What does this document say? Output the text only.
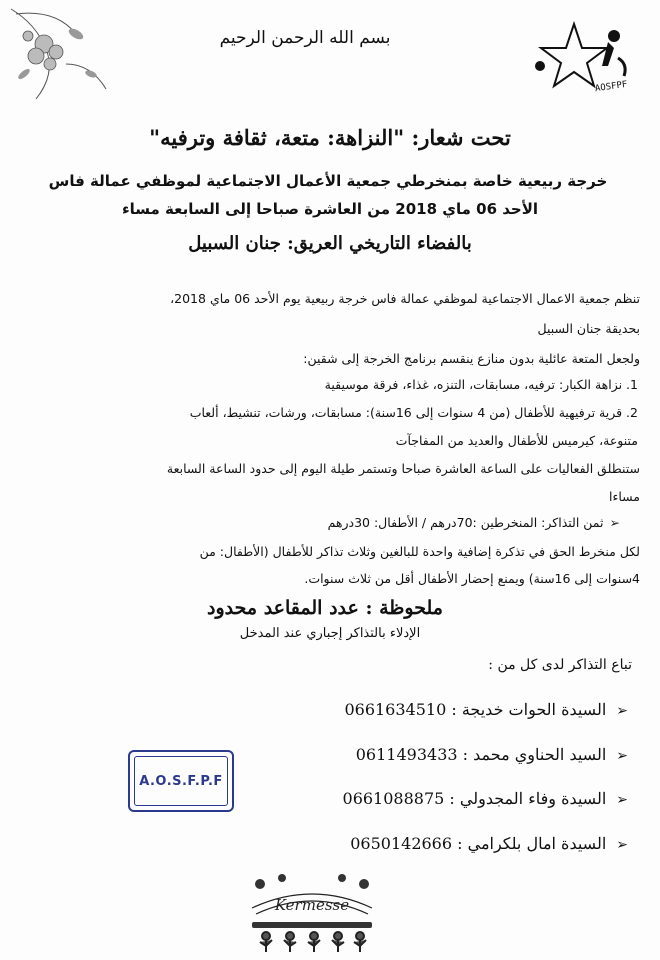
AOSFPF
بسم الله الرحمن الرحيم
تحت شعار: "النزاهة: متعة، ثقافة وترفيه"
خرجة ربيعية خاصة بمنخرطي جمعية الأعمال الاجتماعية لموظفي عمالة فاس
الأحد 06 ماي 2018 من العاشرة صباحا إلى السابعة مساء
بالفضاء التاريخي العريق: جنان السبيل
تنظم جمعية الاعمال الاجتماعية لموظفي عمالة فاس خرجة ربيعية يوم الأحد 06 ماي 2018،
بحديقة جنان السبيل
ولجعل المتعة عائلية بدون منازع ينقسم برنامج الخرجة إلى شقين:
1. نزاهة الكبار: ترفيه، مسابقات، التنزه، غذاء، فرقة موسيقية
2. قرية ترفيهية للأطفال (من 4 سنوات إلى 16سنة): مسابقات، ورشات، تنشيط، ألعاب
متنوعة، كيرميس للأطفال والعديد من المفاجآت
ستنطلق الفعاليات على الساعة العاشرة صباحا وتستمر طيلة اليوم إلى حدود الساعة السابعة
مساءا
➢ثمن التذاكر: المنخرطين :70درهم / الأطفال: 30درهم
لكل منخرط الحق في تذكرة إضافية واحدة للبالغين وثلاث تذاكر للأطفال (الأطفال: من
4سنوات إلى 16سنة) ويمنع إحضار الأطفال أقل من ثلاث سنوات.
ملحوظة : عدد المقاعد محدود
الإدلاء بالتذاكر إجباري عند المدخل
تباع التذاكر لدى كل من :
➢السيدة الحوات خديجة : 0661634510
➢السيد الحناوي محمد : 0611493433
➢السيدة وفاء المجدولي : 0661088875
➢السيدة امال بلكرامي : 0650142666
A.O.S.F.P.F
Kermesse
